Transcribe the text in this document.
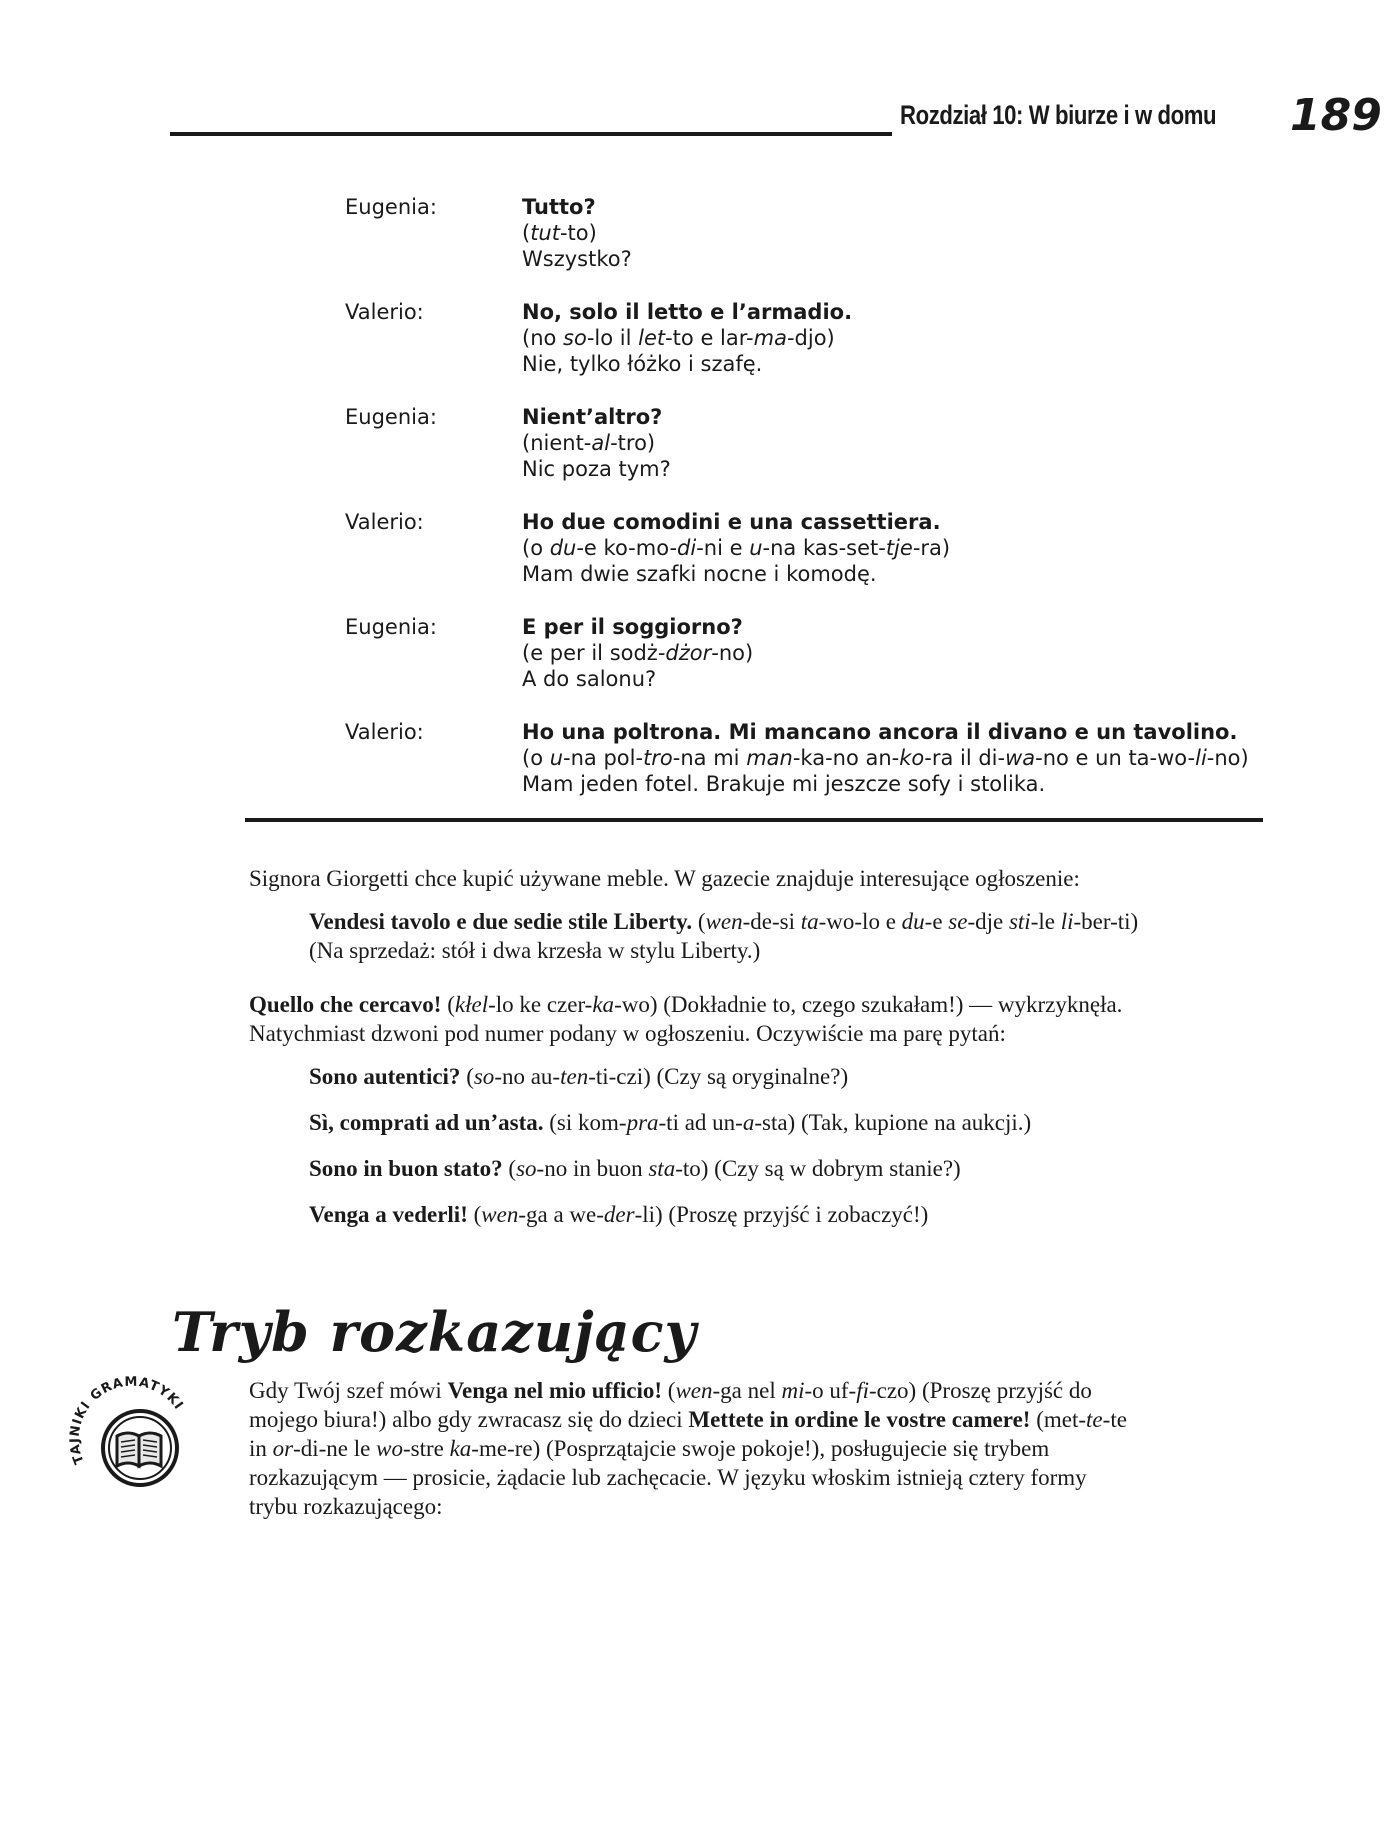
Rozdział 10: W biurze i w domu 189
Eugenia:	Tutto?
(tut-to)
Wszystko?
Valerio:	No, solo il letto e l’armadio.
(no so-lo il let-to e lar-ma-djo)
Nie, tylko łóżko i szafę.
Eugenia:	Nient’altro?
(nient-al-tro)
Nic poza tym?
Valerio:	Ho due comodini e una cassettiera.
(o du-e ko-mo-di-ni e u-na kas-set-tje-ra)
Mam dwie szafki nocne i komodę.
Eugenia:	E per il soggiorno?
(e per il sodż-dżor-no)
A do salonu?
Valerio:	Ho una poltrona. Mi mancano ancora il divano e un tavolino.
(o u-na pol-tro-na mi man-ka-no an-ko-ra il di-wa-no e un ta-wo-li-no)
Mam jeden fotel. Brakuje mi jeszcze sofy i stolika.
Signora Giorgetti chce kupić używane meble. W gazecie znajduje interesujące ogłoszenie:
Vendesi tavolo e due sedie stile Liberty. (wen-de-si ta-wo-lo e du-e se-dje sti-le li-ber-ti)
(Na sprzedaż: stół i dwa krzesła w stylu Liberty.)
Quello che cercavo! (kłel-lo ke czer-ka-wo) (Dokładnie to, czego szukałam!) — wykrzyknęła.
Natychmiast dzwoni pod numer podany w ogłoszeniu. Oczywiście ma parę pytań:
Sono autentici? (so-no au-ten-ti-czi) (Czy są oryginalne?)
Sì, comprati ad un’asta. (si kom-pra-ti ad un-a-sta) (Tak, kupione na aukcji.)
Sono in buon stato? (so-no in buon sta-to) (Czy są w dobrym stanie?)
Venga a vederli! (wen-ga a we-der-li) (Proszę przyjść i zobaczyć!)
Tryb rozkazujący
TAJNIKI GRAMATYKI
Gdy Twój szef mówi Venga nel mio ufficio! (wen-ga nel mi-o uf-fi-czo) (Proszę przyjść do
mojego biura!) albo gdy zwracasz się do dzieci Mettete in ordine le vostre camere! (met-te-te
in or-di-ne le wo-stre ka-me-re) (Posprzątajcie swoje pokoje!), posługujecie się trybem
rozkazującym — prosicie, żądacie lub zachęcacie. W języku włoskim istnieją cztery formy
trybu rozkazującego:
